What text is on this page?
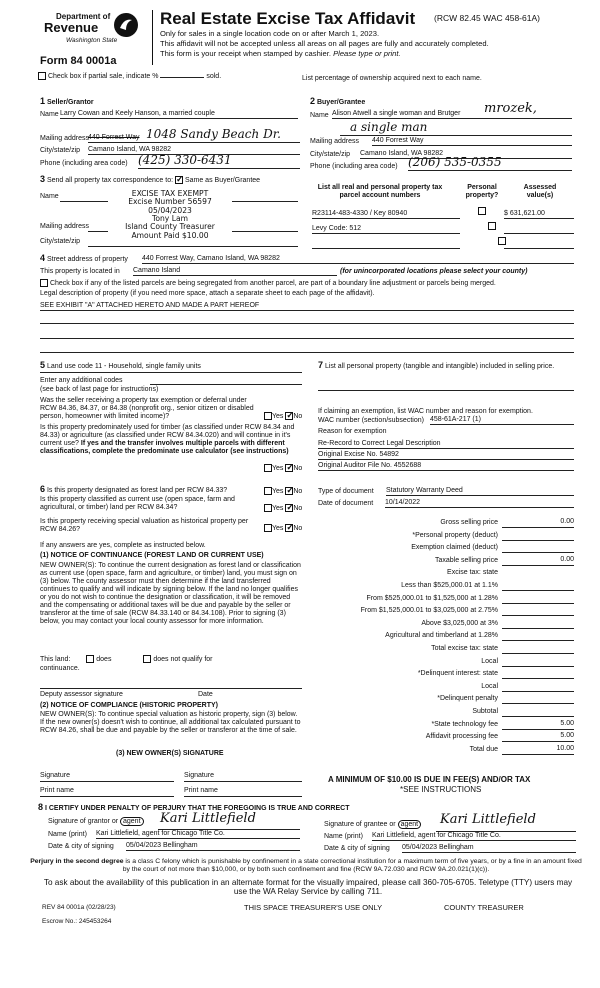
Department of
Revenue
Washington State
Form 84 0001a
Real Estate Excise Tax Affidavit (RCW 82.45 WAC 458-61A)
Only for sales in a single location code on or after March 1, 2023.
This affidavit will not be accepted unless all areas on all pages are fully and accurately completed.
This form is your receipt when stamped by cashier. Please type or print.
Check box if partial sale, indicate %	sold.	List percentage of ownership acquired next to each name.
1 Seller/Grantor
Name Larry Cowan and Keely Hanson, a married couple
Mailing address
440 Forrest Way 1048 Sandy Beach Dr.
City/state/zip Camano Island, WA 98282
Phone (including area code) (425) 330-6431
2 Buyer/Grantee
Name Alison Atwell a single woman and Brutger mrozek,
a single man
Mailing address 440 Forrest Way
City/state/zip Camano Island, WA 98282
Phone (including area code) (206) 535-0355
3 Send all property tax correspondence to: ✓ Same as Buyer/Grantee
Name
Mailing address
City/state/zip
EXCISE TAX EXEMPT
Excise Number 56597
05/04/2023
Tony Lam
Island County Treasurer
Amount Paid $10.00
List all real and personal property tax parcel account numbers
Personal property?
Assessed value(s)
R23114-483-4330 / Key 80940
	$ 631,621.00
Levy Code: 512

4 Street address of property 440 Forrest Way, Camano Island, WA 98282
This property is located in Camano Island	(for unincorporated locations please select your county)
Check box if any of the listed parcels are being segregated from another parcel, are part of a boundary line adjustment or parcels being merged.
Legal description of property (if you need more space, attach a separate sheet to each page of the affidavit).
SEE EXHIBIT "A" ATTACHED HERETO AND MADE A PART HEREOF
5 Land use code 11 - Household, single family units
Enter any additional codes
(see back of last page for instructions)
Was the seller receiving a property tax exemption or deferral under RCW 84.36, 84.37, or 84.38 (nonprofit org., senior citizen or disabled person, homeowner with limited income)?	Yes ✓ No
Is this property predominately used for timber (as classified under RCW 84.34 and 84.33) or agriculture (as classified under RCW 84.34.020) and will continue in it's current use? If yes and the transfer involves multiple parcels with different classifications, complete the predominate use calculator (see instructions)
Yes ✓ No
7 List all personal property (tangible and intangible) included in selling price.
If claiming an exemption, list WAC number and reason for exemption.
WAC number (section/subsection) 458-61A-217 (1)
Reason for exemption
Re-Record to Correct Legal Description
Original Excise No. 54892
Original Auditor File No. 4552688
6 Is this property designated as forest land per RCW 84.33?	Yes ✓ No
Is this property classified as current use (open space, farm and agricultural, or timber) land per RCW 84.34?	Yes ✓ No
Is this property receiving special valuation as historical property per RCW 84.26?	Yes ✓ No
If any answers are yes, complete as instructed below.
(1) NOTICE OF CONTINUANCE (FOREST LAND OR CURRENT USE)
NEW OWNER(S): To continue the current designation as forest land or classification as current use (open space, farm and agriculture, or timber) land, you must sign on (3) below. The county assessor must then determine if the land transferred continues to qualify and will indicate by signing below. If the land no longer qualifies or you do not wish to continue the designation or classification, it will be removed and the compensating or additional taxes will be due and payable by the seller or transferor at the time of sale (RCW 84.33.140 or 84.34.108). Prior to signing (3) below, you may contact your local county assessor for more information.
This land:	does	does not qualify for
continuance.
Deputy assessor signature	Date
(2) NOTICE OF COMPLIANCE (HISTORIC PROPERTY)
NEW OWNER(S): To continue special valuation as historic property, sign (3) below. If the new owner(s) doesn't wish to continue, all additional tax calculated pursuant to RCW 84.26, shall be due and payable by the seller or transferor at the time of sale.
(3) NEW OWNER(S) SIGNATURE
Signature	Signature
Print name	Print name
Type of document Statutory Warranty Deed
Date of document 10/14/2022
Gross selling price	0.00
*Personal property (deduct)
Exemption claimed (deduct)
Taxable selling price	0.00
Excise tax: state
Less than $525,000.01 at 1.1%
From $525,000.01 to $1,525,000 at 1.28%
From $1,525,000.01 to $3,025,000 at 2.75%
Above $3,025,000 at 3%
Agricultural and timberland at 1.28%
Total excise tax: state
Local
*Delinquent interest: state
Local
*Delinquent penalty
Subtotal
*State technology fee	5.00
Affidavit processing fee	5.00
Total due	10.00
A MINIMUM OF $10.00 IS DUE IN FEE(S) AND/OR TAX
*SEE INSTRUCTIONS
8 I CERTIFY UNDER PENALTY OF PERJURY THAT THE FOREGOING IS TRUE AND CORRECT
Signature of grantor or agent Kari Littlefield
Name (print) Kari Littlefield, agent for Chicago Title Co.
Date & city of signing 05/04/2023 Bellingham
Signature of grantee or agent Kari Littlefield
Name (print) Kari Littlefield, agent for Chicago Title Co.
Date & city of signing 05/04/2023 Bellingham
Perjury in the second degree is a class C felony which is punishable by confinement in a state correctional institution for a maximum term of five years, or by a fine in an amount fixed by the court of not more than $10,000, or by both such confinement and fine (RCW 9A.72.030 and RCW 9A.20.021(1)(c)).
To ask about the availability of this publication in an alternate format for the visually impaired, please call 360-705-6705. Teletype (TTY) users may use the WA Relay Service by calling 711.
REV 84 0001a (02/28/23)	THIS SPACE TREASURER'S USE ONLY	COUNTY TREASURER
Escrow No.: 245453264
